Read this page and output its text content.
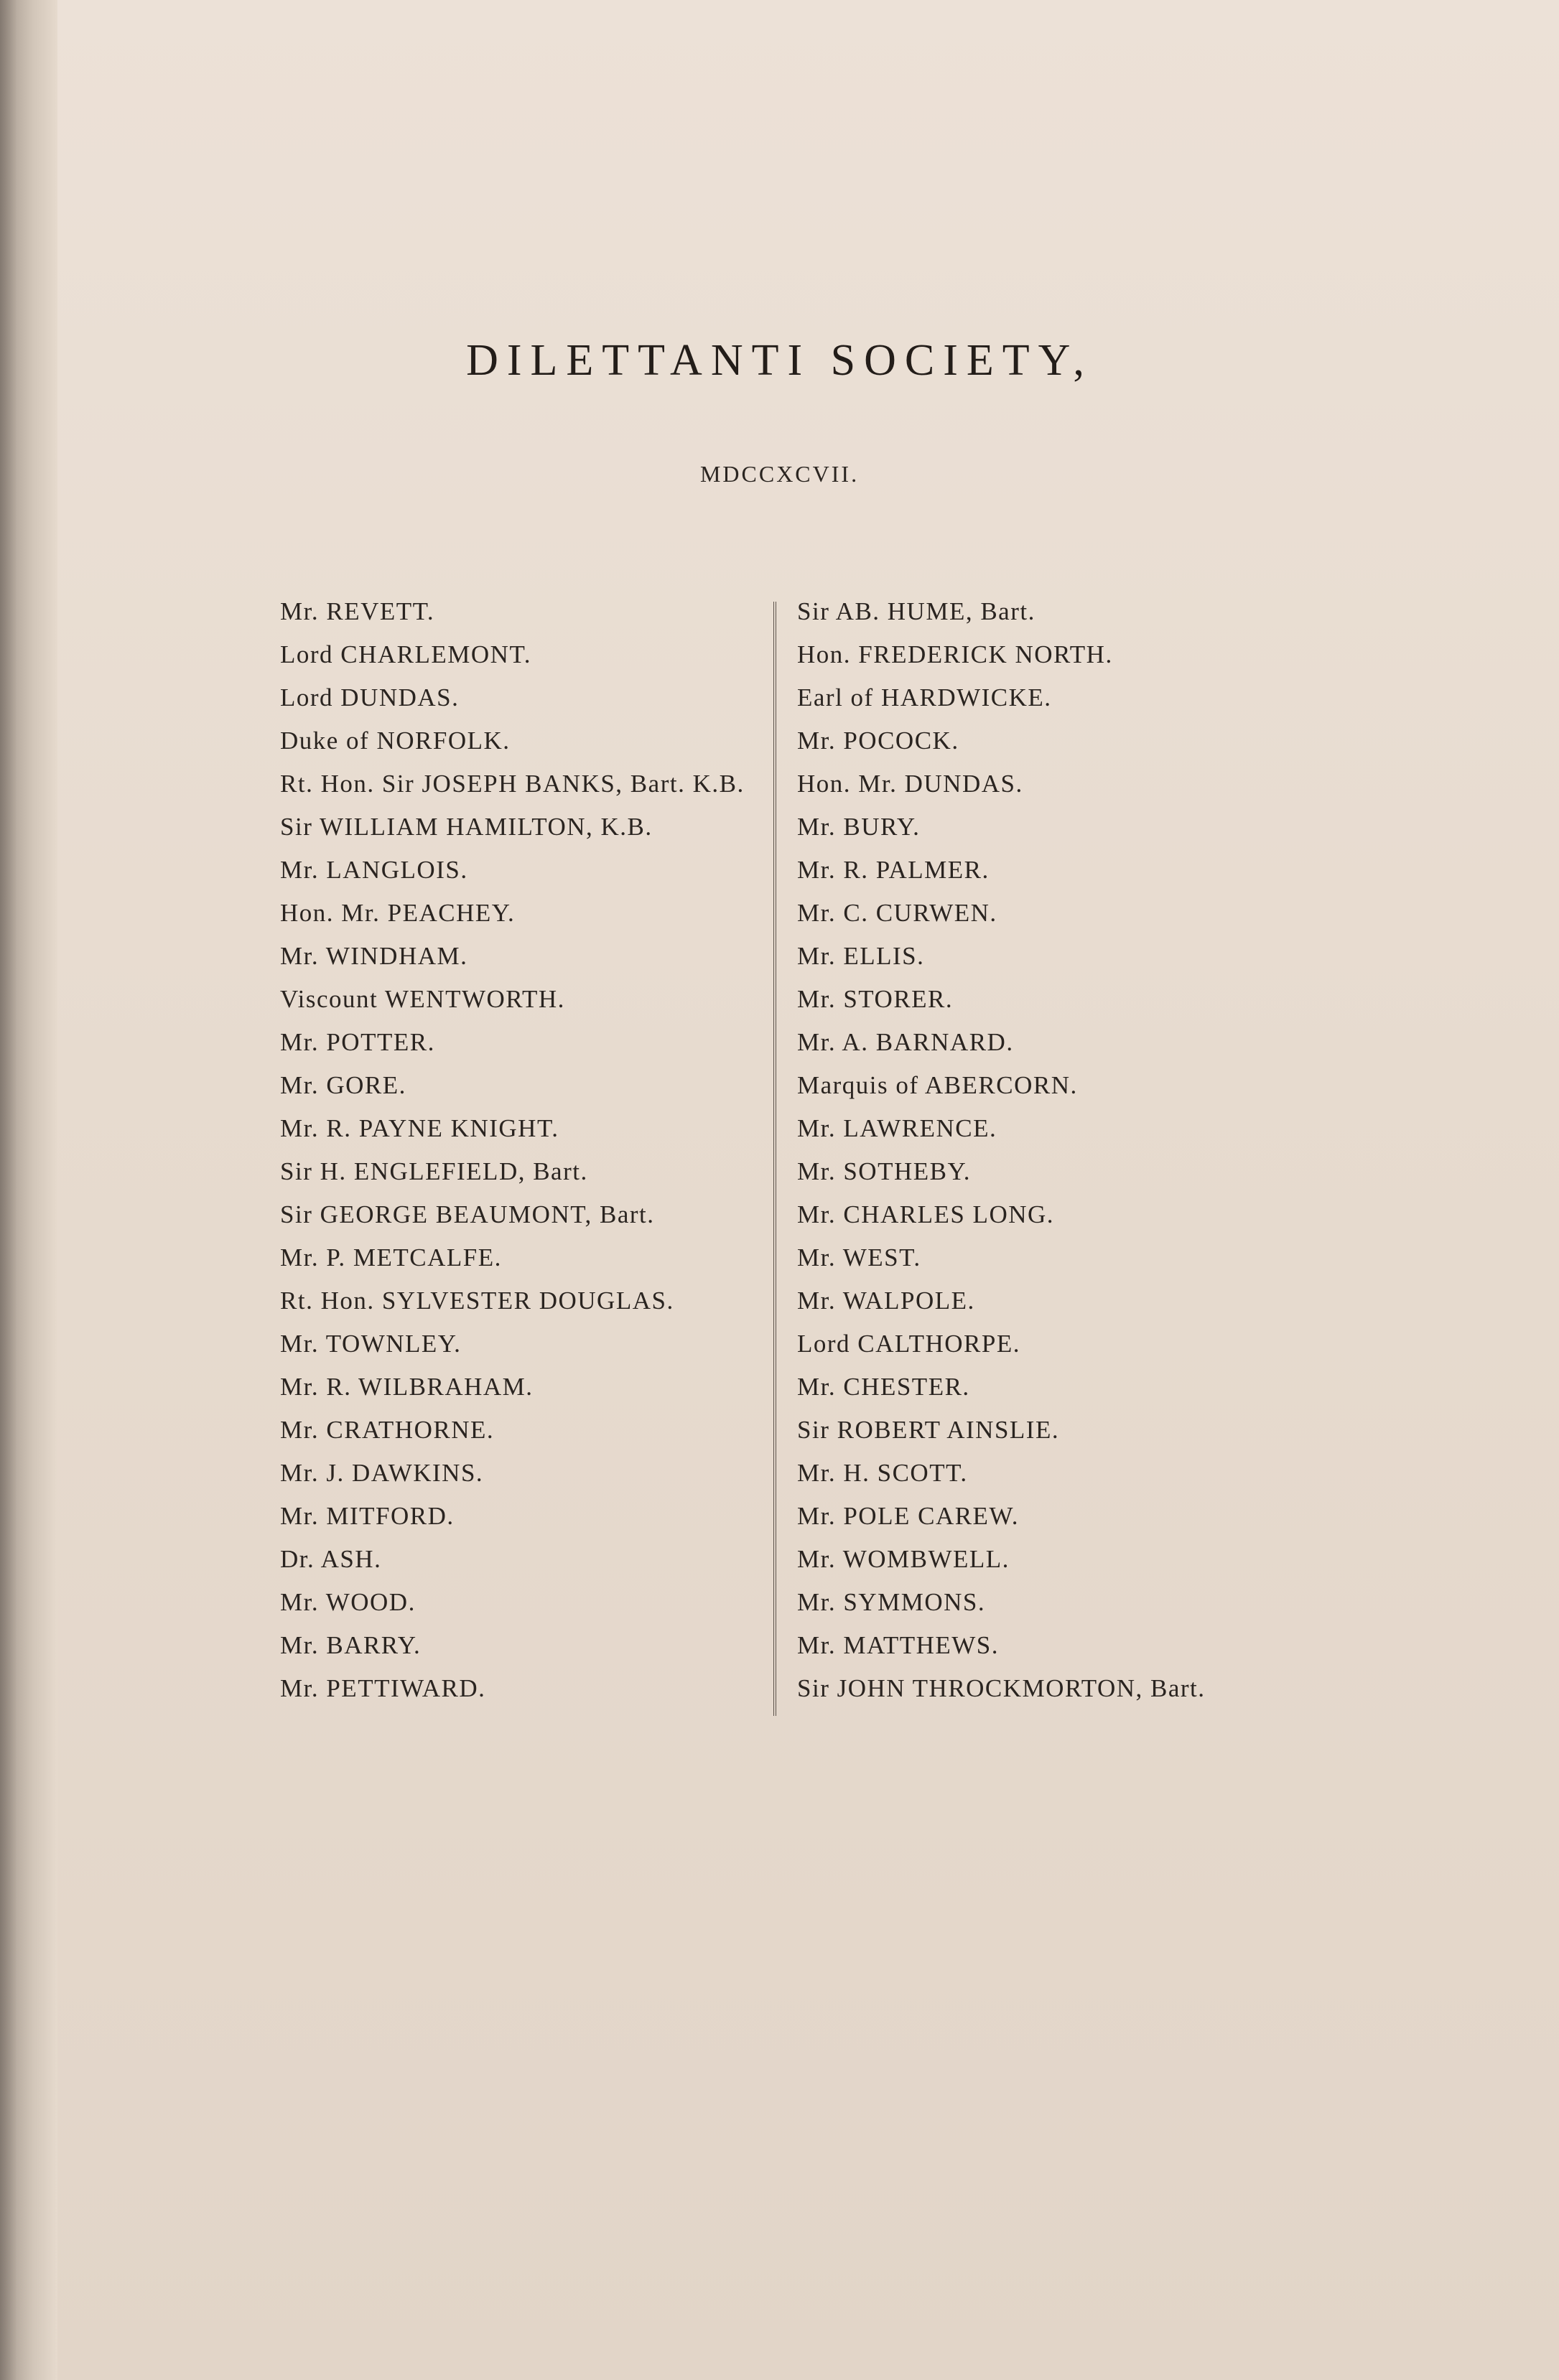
DILETTANTI SOCIETY,
MDCCXCVII.
Mr. REVETT.
Lord CHARLEMONT.
Lord DUNDAS.
Duke of NORFOLK.
Rt. Hon. Sir JOSEPH BANKS, Bart. K.B.
Sir WILLIAM HAMILTON, K.B.
Mr. LANGLOIS.
Hon. Mr. PEACHEY.
Mr. WINDHAM.
Viscount WENTWORTH.
Mr. POTTER.
Mr. GORE.
Mr. R. PAYNE KNIGHT.
Sir H. ENGLEFIELD, Bart.
Sir GEORGE BEAUMONT, Bart.
Mr. P. METCALFE.
Rt. Hon. SYLVESTER DOUGLAS.
Mr. TOWNLEY.
Mr. R. WILBRAHAM.
Mr. CRATHORNE.
Mr. J. DAWKINS.
Mr. MITFORD.
Dr. ASH.
Mr. WOOD.
Mr. BARRY.
Mr. PETTIWARD.
Sir AB. HUME, Bart.
Hon. FREDERICK NORTH.
Earl of HARDWICKE.
Mr. POCOCK.
Hon. Mr. DUNDAS.
Mr. BURY.
Mr. R. PALMER.
Mr. C. CURWEN.
Mr. ELLIS.
Mr. STORER.
Mr. A. BARNARD.
Marquis of ABERCORN.
Mr. LAWRENCE.
Mr. SOTHEBY.
Mr. CHARLES LONG.
Mr. WEST.
Mr. WALPOLE.
Lord CALTHORPE.
Mr. CHESTER.
Sir ROBERT AINSLIE.
Mr. H. SCOTT.
Mr. POLE CAREW.
Mr. WOMBWELL.
Mr. SYMMONS.
Mr. MATTHEWS.
Sir JOHN THROCKMORTON, Bart.
